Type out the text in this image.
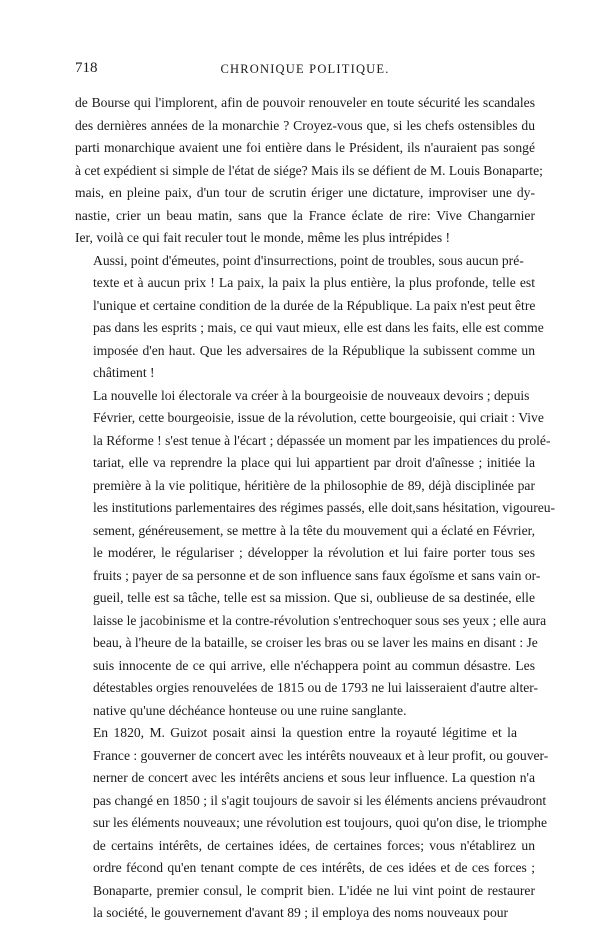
718	CHRONIQUE POLITIQUE.

de Bourse qui l'implorent, afin de pouvoir renouveler en toute sécurité les scandales
des dernières années de la monarchie ? Croyez-vous que, si les chefs ostensibles du
parti monarchique avaient une foi entière dans le Président, ils n'auraient pas songé
à cet expédient si simple de l'état de siége? Mais ils se défient de M. Louis Bonaparte;
mais, en pleine paix, d'un tour de scrutin ériger une dictature, improviser une dy-
nastie, crier un beau matin, sans que la France éclate de rire: Vive Changarnier
Ier, voilà ce qui fait reculer tout le monde, même les plus intrépides !

Aussi, point d'émeutes, point d'insurrections, point de troubles, sous aucun pré-
texte et à aucun prix ! La paix, la paix la plus entière, la plus profonde, telle est
l'unique et certaine condition de la durée de la République. La paix n'est peut être
pas dans les esprits ; mais, ce qui vaut mieux, elle est dans les faits, elle est comme
imposée d'en haut. Que les adversaires de la République la subissent comme un
châtiment !

La nouvelle loi électorale va créer à la bourgeoisie de nouveaux devoirs ; depuis
Février, cette bourgeoisie, issue de la révolution, cette bourgeoisie, qui criait : Vive
la Réforme ! s'est tenue à l'écart ; dépassée un moment par les impatiences du prolé-
tariat, elle va reprendre la place qui lui appartient par droit d'aînesse ; initiée la
première à la vie politique, héritière de la philosophie de 89, déjà disciplinée par
les institutions parlementaires des régimes passés, elle doit,sans hésitation, vigoureu-
sement, généreusement, se mettre à la tête du mouvement qui a éclaté en Février,
le modérer, le régulariser ; développer la révolution et lui faire porter tous ses
fruits ; payer de sa personne et de son influence sans faux égoïsme et sans vain or-
gueil, telle est sa tâche, telle est sa mission. Que si, oublieuse de sa destinée, elle
laisse le jacobinisme et la contre-révolution s'entrechoquer sous ses yeux ; elle aura
beau, à l'heure de la bataille, se croiser les bras ou se laver les mains en disant : Je
suis innocente de ce qui arrive, elle n'échappera point au commun désastre. Les
détestables orgies renouvelées de 1815 ou de 1793 ne lui laisseraient d'autre alter-
native qu'une déchéance honteuse ou une ruine sanglante.

En 1820, M. Guizot posait ainsi la question entre la royauté légitime et la
France : gouverner de concert avec les intérêts nouveaux et à leur profit, ou gouver-
nerner de concert avec les intérêts anciens et sous leur influence. La question n'a
pas changé en 1850 ; il s'agit toujours de savoir si les éléments anciens prévaudront
sur les éléments nouveaux; une révolution est toujours, quoi qu'on dise, le triomphe
de certains intérêts, de certaines idées, de certaines forces; vous n'établirez un
ordre fécond qu'en tenant compte de ces intérêts, de ces idées et de ces forces ;
Bonaparte, premier consul, le comprit bien. L'idée ne lui vint point de restaurer
la société, le gouvernement d'avant 89 ; il employa des noms nouveaux pour
